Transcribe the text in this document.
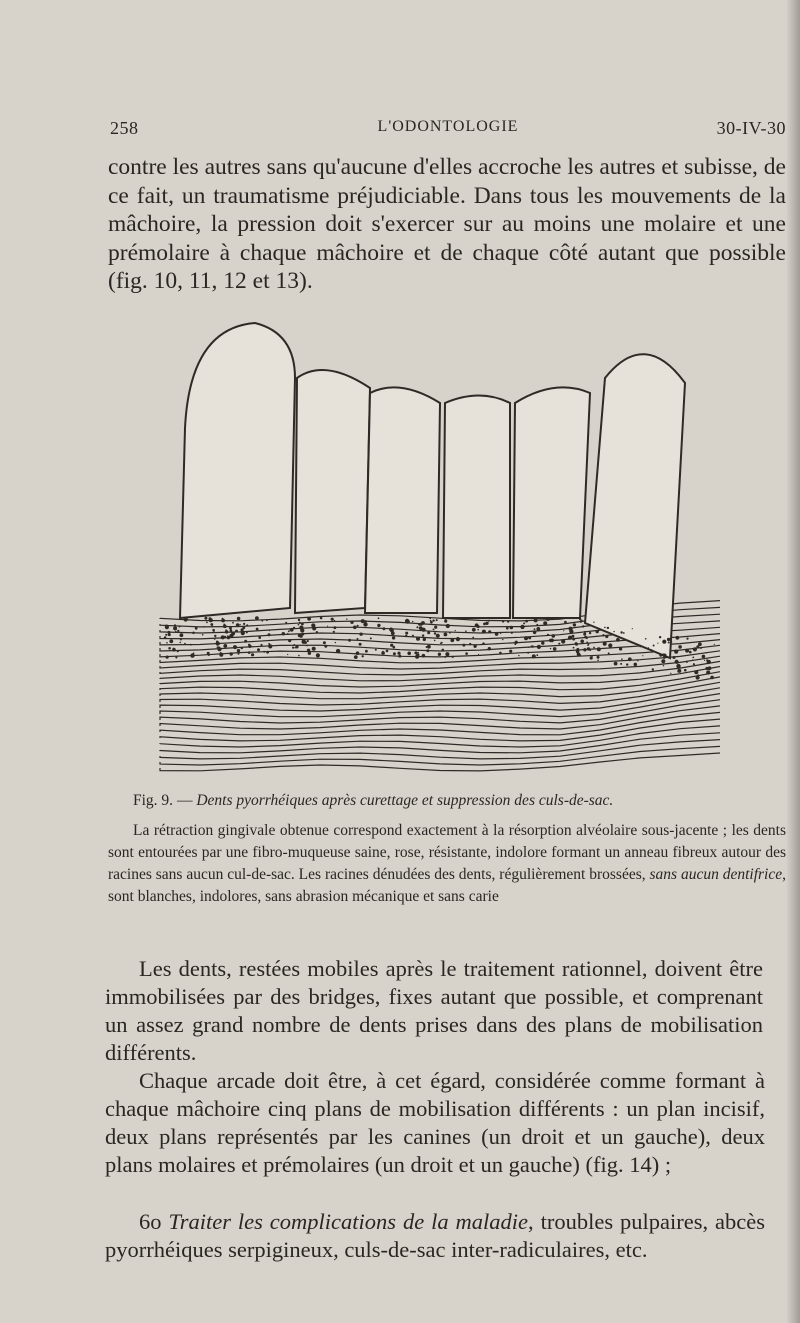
258	L'ODONTOLOGIE	30-IV-30
contre les autres sans qu'aucune d'elles accroche les autres et subisse, de ce fait, un traumatisme préjudiciable. Dans tous les mouvements de la mâchoire, la pression doit s'exercer sur au moins une molaire et une prémolaire à chaque mâchoire et de chaque côté autant que possible (fig. 10, 11, 12 et 13).
Fig. 9. — Dents pyorrhéiques après curettage et suppression des culs-de-sac.
La rétraction gingivale obtenue correspond exactement à la résorption alvéolaire sous-jacente ; les dents sont entourées par une fibro-muqueuse saine, rose, résistante, indolore formant un anneau fibreux autour des racines sans aucun cul-de-sac. Les racines dénudées des dents, régulièrement brossées, sans aucun dentifrice, sont blanches, indolores, sans abrasion mécanique et sans carie
Les dents, restées mobiles après le traitement rationnel, doivent être immobilisées par des bridges, fixes autant que possible, et comprenant un assez grand nombre de dents prises dans des plans de mobilisation différents.
Chaque arcade doit être, à cet égard, considérée comme formant à chaque mâchoire cinq plans de mobilisation différents : un plan incisif, deux plans représentés par les canines (un droit et un gauche), deux plans molaires et prémolaires (un droit et un gauche) (fig. 14) ;
6o Traiter les complications de la maladie, troubles pulpaires, abcès pyorrhéiques serpigineux, culs-de-sac inter-radiculaires, etc.
